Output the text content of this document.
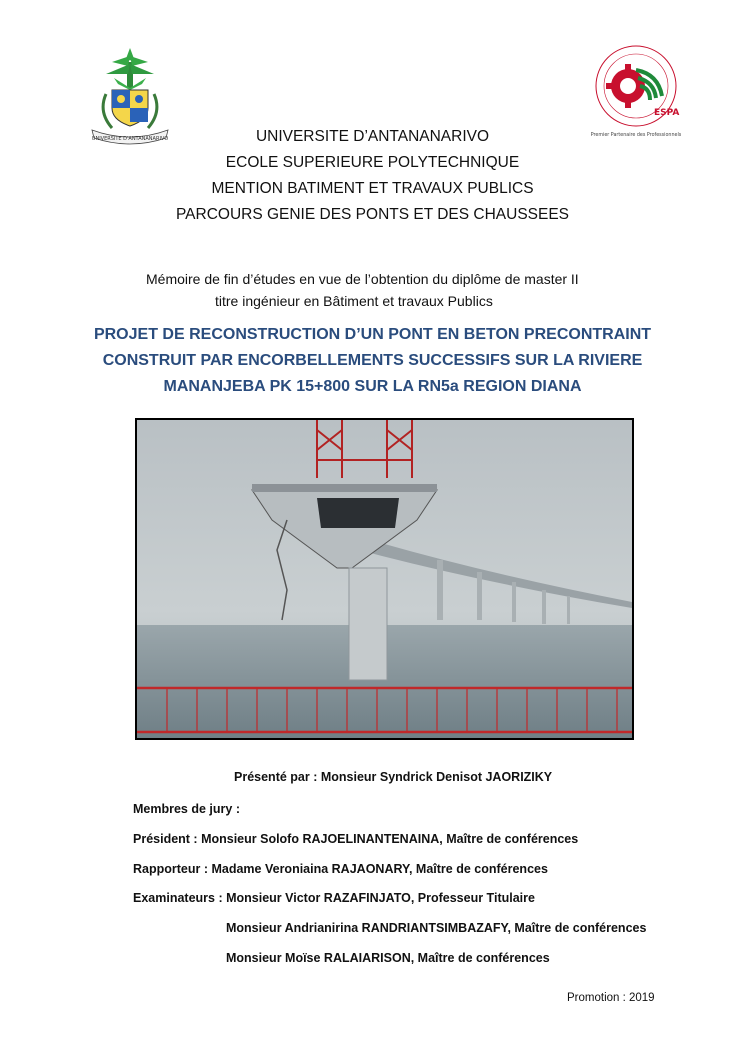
UNIVERSITE D'ANTANANARIVO
ESPA
Premier Partenaire des Professionnels
UNIVERSITE D’ANTANANARIVO
ECOLE SUPERIEURE POLYTECHNIQUE
MENTION BATIMENT ET TRAVAUX PUBLICS
PARCOURS GENIE DES PONTS ET DES CHAUSSEES
Mémoire de fin d’études en vue de l’obtention du diplôme de master II
titre ingénieur en Bâtiment et travaux Publics
PROJET DE RECONSTRUCTION D’UN PONT EN BETON PRECONTRAINT
CONSTRUIT PAR ENCORBELLEMENTS SUCCESSIFS SUR LA RIVIERE
MANANJEBA PK 15+800 SUR LA RN5a REGION DIANA
Présenté par : Monsieur Syndrick Denisot JAORIZIKY
Membres de jury :
Président : Monsieur Solofo RAJOELINANTENAINA, Maître de conférences
Rapporteur : Madame Veroniaina RAJAONARY, Maître de conférences
Examinateurs : Monsieur Victor RAZAFINJATO, Professeur Titulaire
Monsieur Andrianirina RANDRIANTSIMBAZAFY, Maître de conférences
Monsieur Moïse RALAIARISON, Maître de conférences
Promotion : 2019
